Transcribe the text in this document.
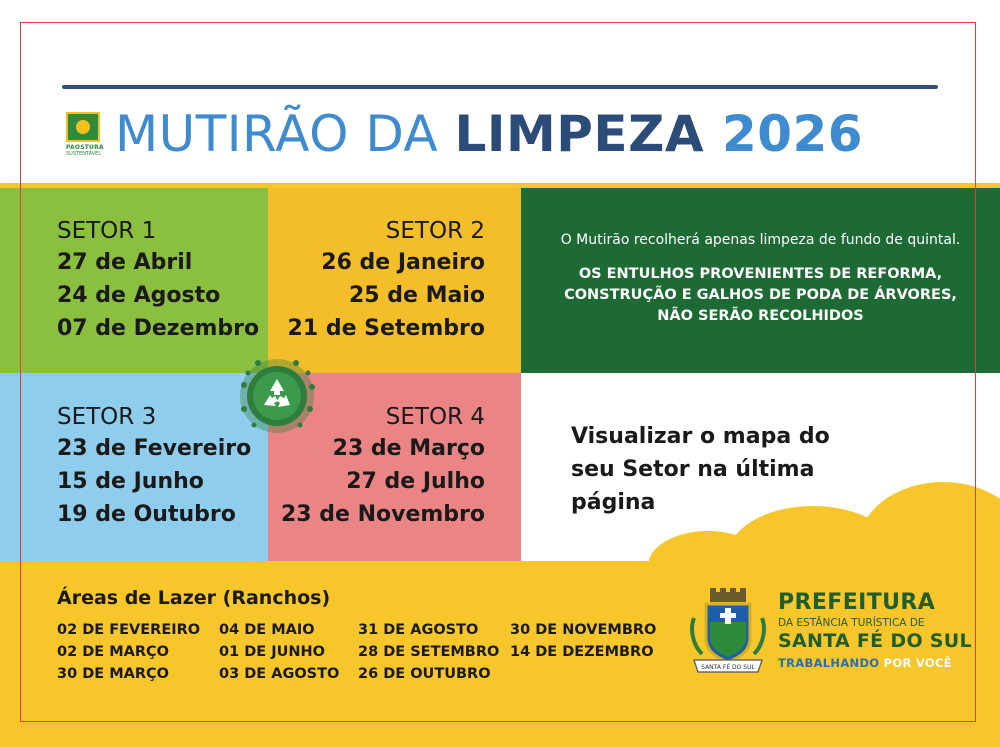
PAOSTURA
SUSTENTÁVEL MUTIRÃO DA LIMPEZA 2026
SETOR 1
27 de Abril
24 de Agosto
07 de Dezembro
SETOR 2
26 de Janeiro
25 de Maio
21 de Setembro
SETOR 3
23 de Fevereiro
15 de Junho
19 de Outubro
SETOR 4
23 de Março
27 de Julho
23 de Novembro
O Mutirão recolherá apenas limpeza de fundo de quintal.
OS ENTULHOS PROVENIENTES DE REFORMA,
CONSTRUÇÃO E GALHOS DE PODA DE ÁRVORES,
NÃO SERÃO RECOLHIDOS
Visualizar o mapa do
seu Setor na última
página
Áreas de Lazer (Ranchos)
02 DE FEVEREIRO
02 DE MARÇO
30 DE MARÇO
04 DE MAIO
01 DE JUNHO
03 DE AGOSTO
31 DE AGOSTO
28 DE SETEMBRO
26 DE OUTUBRO
30 DE NOVEMBRO
14 DE DEZEMBRO
SANTA FÉ DO SUL
PREFEITURA
DA ESTÂNCIA TURÍSTICA DE
SANTA FÉ DO SUL
TRABALHANDO POR VOCÊ
